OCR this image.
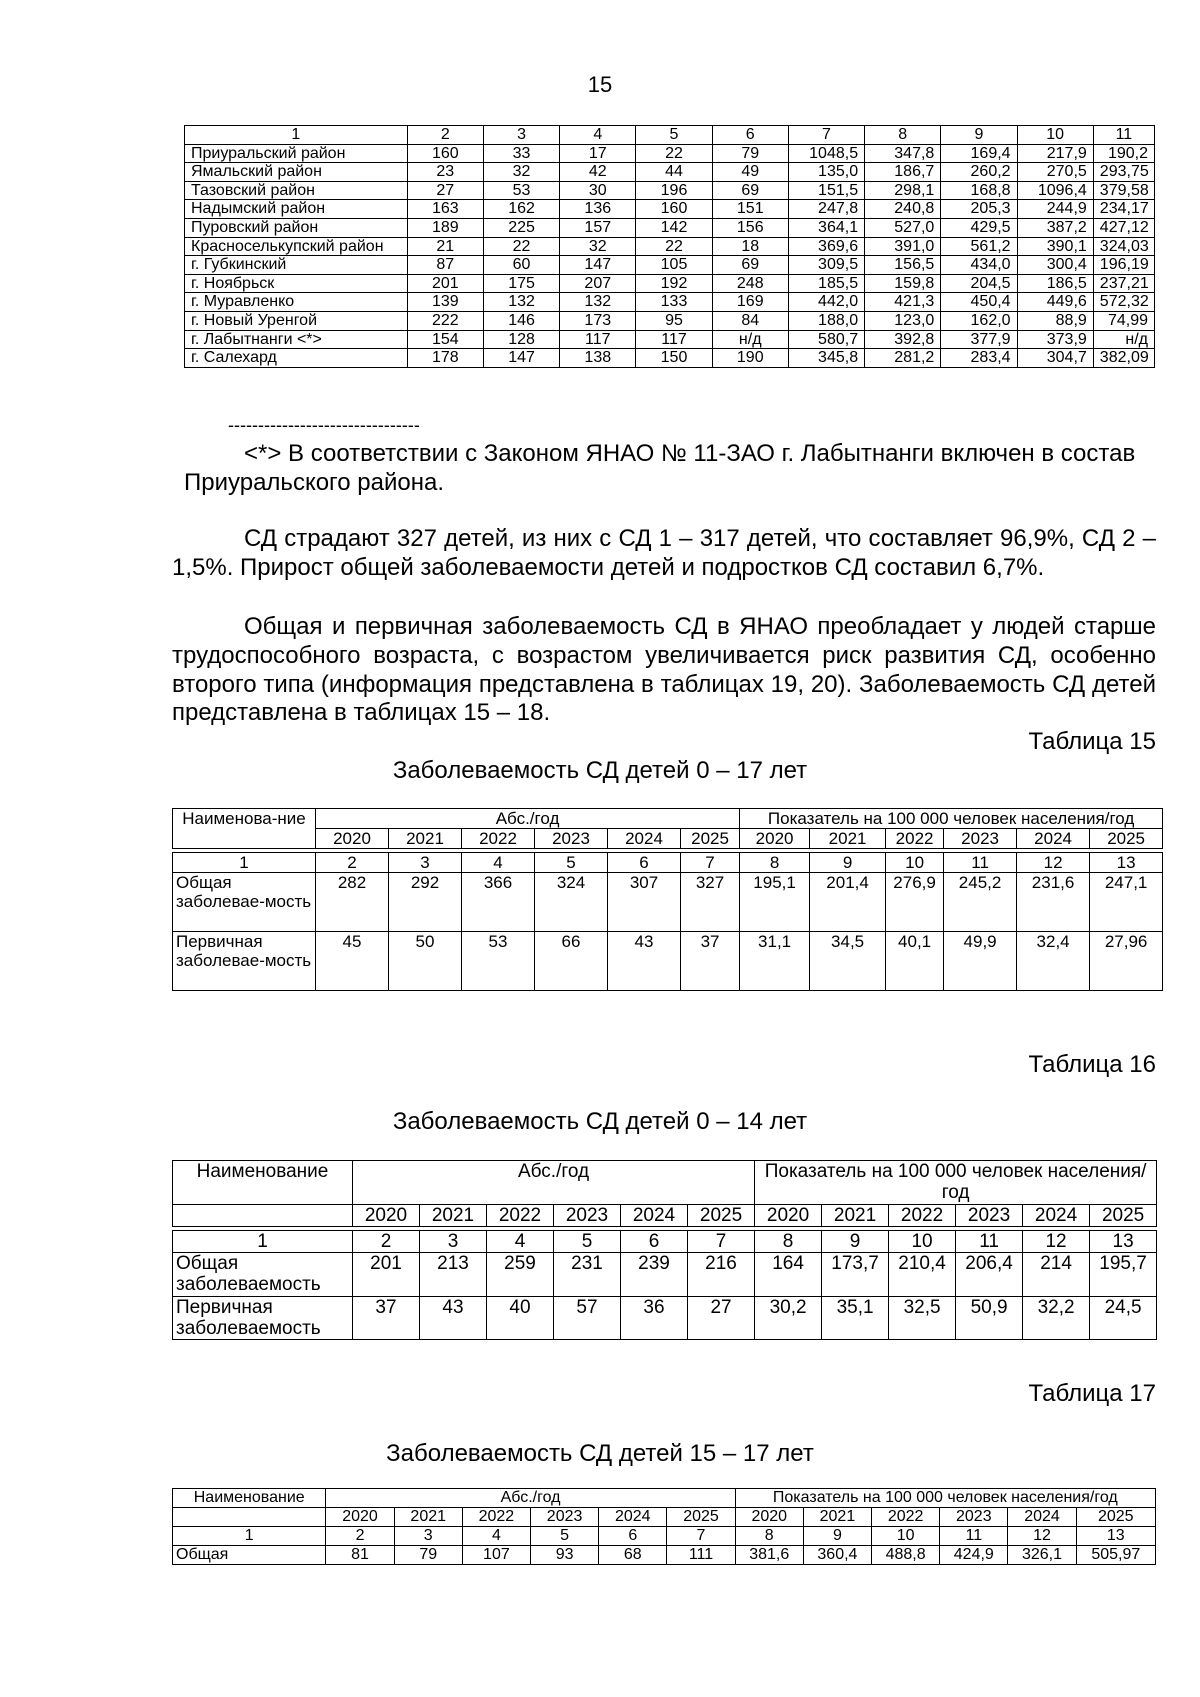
15
1	2	3	4	5	6	7	8	9	10	11
Приуральский район	160	33	17	22	79	1048,5	347,8	169,4	217,9	190,2
Ямальский район	23	32	42	44	49	135,0	186,7	260,2	270,5	293,75
Тазовский район	27	53	30	196	69	151,5	298,1	168,8	1096,4	379,58
Надымский район	163	162	136	160	151	247,8	240,8	205,3	244,9	234,17
Пуровский район	189	225	157	142	156	364,1	527,0	429,5	387,2	427,12
Красноселькупский район	21	22	32	22	18	369,6	391,0	561,2	390,1	324,03
г. Губкинский	87	60	147	105	69	309,5	156,5	434,0	300,4	196,19
г. Ноябрьск	201	175	207	192	248	185,5	159,8	204,5	186,5	237,21
г. Муравленко	139	132	132	133	169	442,0	421,3	450,4	449,6	572,32
г. Новый Уренгой	222	146	173	95	84	188,0	123,0	162,0	88,9	74,99
г. Лабытнанги <*>	154	128	117	117	н/д	580,7	392,8	377,9	373,9	н/д
г. Салехард	178	147	138	150	190	345,8	281,2	283,4	304,7	382,09
--------------------------------
<*> В соответствии с Законом ЯНАО № 11-ЗАО г. Лабытнанги включен в состав Приуральского района.
СД страдают 327 детей, из них с СД 1 – 317 детей, что составляет 96,9%, СД 2 – 1,5%. Прирост общей заболеваемости детей и подростков СД составил 6,7%.
Общая и первичная заболеваемость СД в ЯНАО преобладает у людей старше трудоспособного возраста, с возрастом увеличивается риск развития СД, особенно второго типа (информация представлена в таблицах 19, 20). Заболеваемость СД детей представлена в таблицах 15 – 18.
Таблица 15
Заболеваемость СД детей 0 – 17 лет
Наименова-ние	Абс./год						Показатель на 100 000 человек населения/год					
	2020	2021	2022	2023	2024	2025	2020	2021	2022	2023	2024	2025

1	2	3	4	5	6	7	8	9	10	11	12	13
Общая заболевае-мость	282	292	366	324	307	327	195,1	201,4	276,9	245,2	231,6	247,1
Первичная заболевае-мость	45	50	53	66	43	37	31,1	34,5	40,1	49,9	32,4	27,96
Таблица 16
Заболеваемость СД детей 0 – 14 лет
Наименование	Абс./год						Показатель на 100 000 человек населения/год					
	2020	2021	2022	2023	2024	2025	2020	2021	2022	2023	2024	2025

1	2	3	4	5	6	7	8	9	10	11	12	13
Общая заболеваемость	201	213	259	231	239	216	164	173,7	210,4	206,4	214	195,7
Первичная заболеваемость	37	43	40	57	36	27	30,2	35,1	32,5	50,9	32,2	24,5
Таблица 17
Заболеваемость СД детей 15 – 17 лет
Наименование	Абс./год						Показатель на 100 000 человек населения/год					
	2020	2021	2022	2023	2024	2025	2020	2021	2022	2023	2024	2025
1	2	3	4	5	6	7	8	9	10	11	12	13
Общая	81	79	107	93	68	111	381,6	360,4	488,8	424,9	326,1	505,97
